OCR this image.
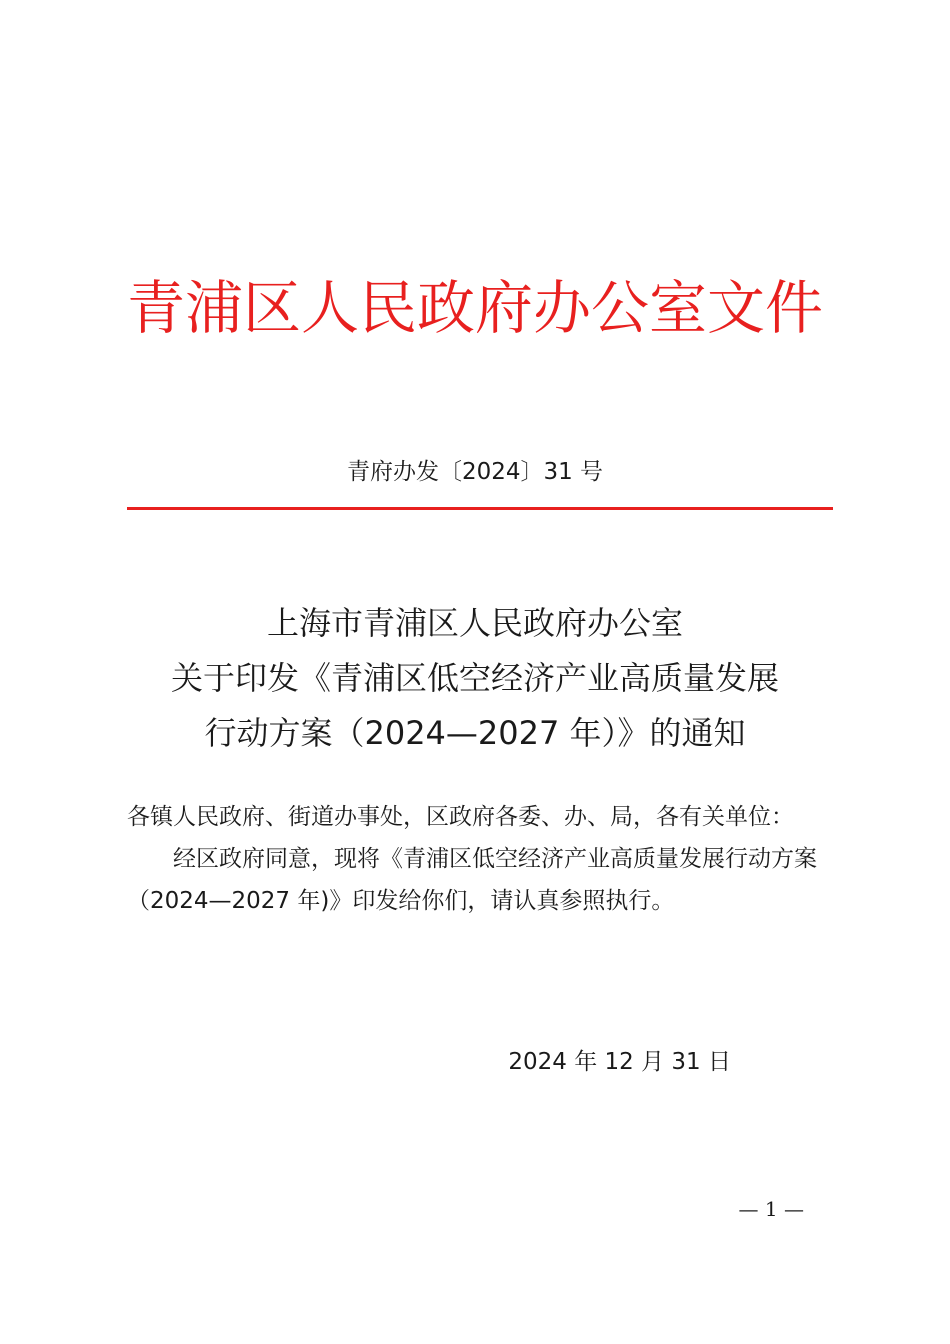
青浦区人民政府办公室文件
青府办发〔2024〕31 号
上海市青浦区人民政府办公室
关于印发《青浦区低空经济产业高质量发展
行动方案（2024—2027 年）》的通知

各镇人民政府、街道办事处，区政府各委、办、局，各有关单位：

经区政府同意，现将《青浦区低空经济产业高质量发展行动方案（2024—2027 年)》印发给你们，请认真参照执行。

2024 年 12 月 31 日
— 1 —
